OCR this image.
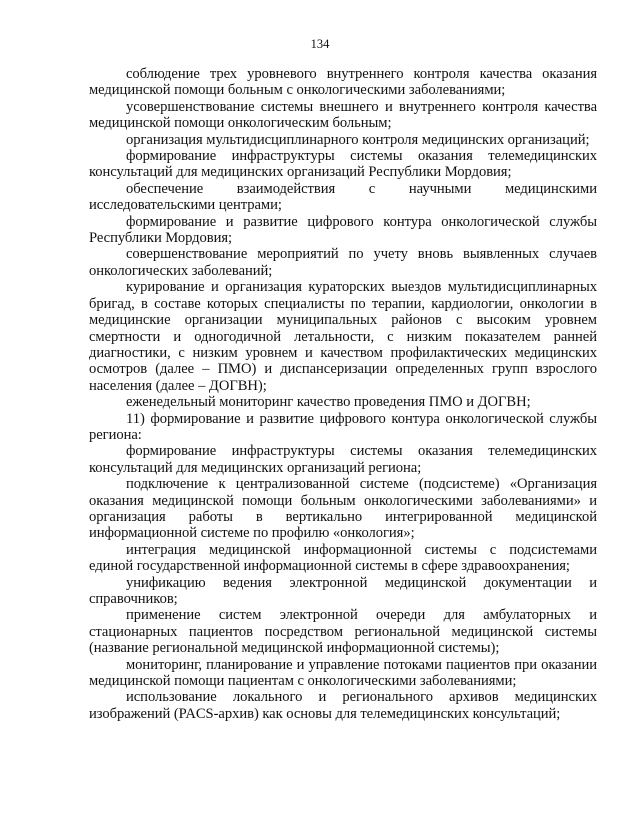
134

соблюдение трех уровневого внутреннего контроля качества оказания медицинской помощи больным с онкологическими заболеваниями;

усовершенствование системы внешнего и внутреннего контроля качества медицинской помощи онкологическим больным;

организация мультидисциплинарного контроля медицинских организаций;

формирование инфраструктуры системы оказания телемедицинских консультаций для медицинских организаций Республики Мордовия;

обеспечение взаимодействия с научными медицинскими исследовательскими центрами;

формирование и развитие цифрового контура онкологической службы Республики Мордовия;

совершенствование мероприятий по учету вновь выявленных случаев онкологических заболеваний;

курирование и организация кураторских выездов мультидисциплинарных бригад, в составе которых специалисты по терапии, кардиологии, онкологии в медицинские организации муниципальных районов с высоким уровнем смертности и одногодичной летальности, с низким показателем ранней диагностики, с низким уровнем и качеством профилактических медицинских осмотров (далее – ПМО) и диспансеризации определенных групп взрослого населения (далее – ДОГВН);

еженедельный мониторинг качество проведения ПМО и ДОГВН;

11) формирование и развитие цифрового контура онкологической службы региона:

формирование инфраструктуры системы оказания телемедицинских консультаций для медицинских организаций региона;

подключение к централизованной системе (подсистеме) «Организация оказания медицинской помощи больным онкологическими заболеваниями» и организация работы в вертикально интегрированной медицинской информационной системе по профилю «онкология»;

интеграция медицинской информационной системы с подсистемами единой государственной информационной системы в сфере здравоохранения;

унификацию ведения электронной медицинской документации и справочников;

применение систем электронной очереди для амбулаторных и стационарных пациентов посредством региональной медицинской системы (название региональной медицинской информационной системы);

мониторинг, планирование и управление потоками пациентов при оказании медицинской помощи пациентам с онкологическими заболеваниями;

использование локального и регионального архивов медицинских изображений (PACS-архив) как основы для телемедицинских консультаций;
